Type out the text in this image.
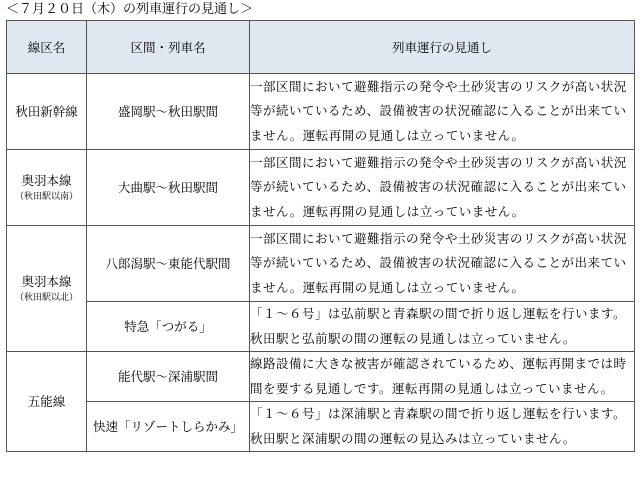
＜７月２０日（木）の列車運行の見通し＞
線区名	区間・列車名	列車運行の見通し
秋田新幹線	盛岡駅～秋田駅間	一部区間において避難指示の発令や土砂災害のリスクが高い状況
等が続いているため、設備被害の状況確認に入ることが出来てい
ません。運転再開の見通しは立っていません。

奥羽本線
（秋田駅以南）	大曲駅～秋田駅間	一部区間において避難指示の発令や土砂災害のリスクが高い状況
等が続いているため、設備被害の状況確認に入ることが出来てい
ません。運転再開の見通しは立っていません。

奥羽本線
（秋田駅以北）	八郎潟駅～東能代駅間	一部区間において避難指示の発令や土砂災害のリスクが高い状況
等が続いているため、設備被害の状況確認に入ることが出来てい
ません。運転再開の見通しは立っていません。

	特急「つがる」	「１～６号」は弘前駅と青森駅の間で折り返し運転を行います。
秋田駅と弘前駅の間の運転の見通しは立っていません。

五能線	能代駅～深浦駅間	線路設備に大きな被害が確認されているため、運転再開までは時
間を要する見通しです。運転再開の見通しは立っていません。

	快速「リゾートしらかみ」	「１～６号」は深浦駅と青森駅の間で折り返し運転を行います。
秋田駅と深浦駅の間の運転の見込みは立っていません。
